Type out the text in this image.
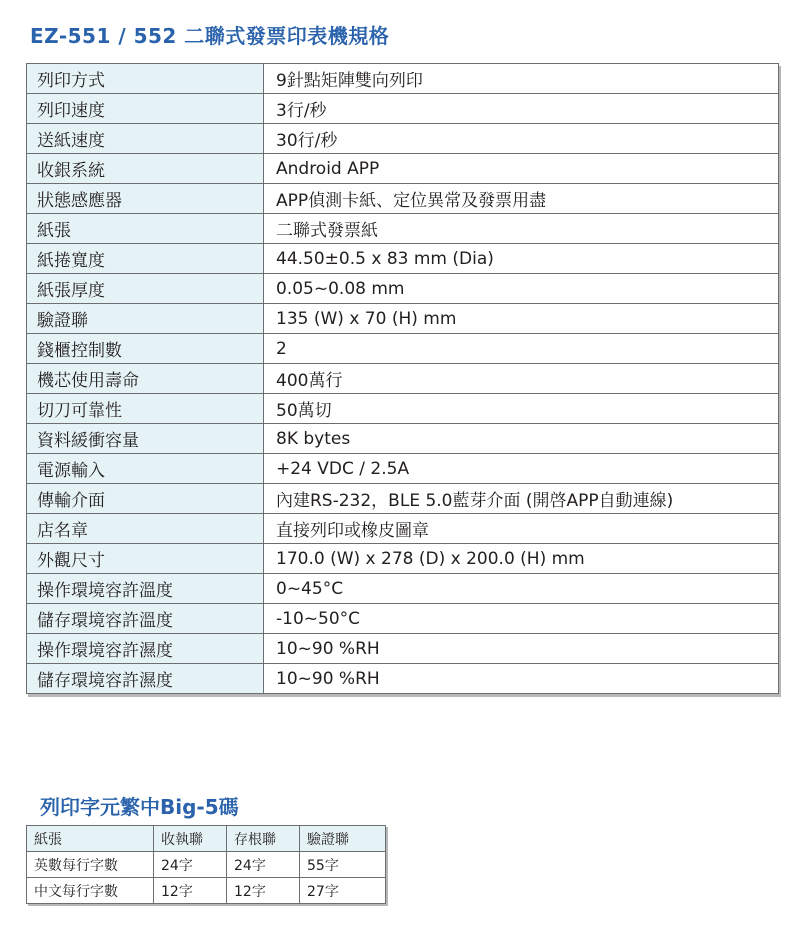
EZ-551 / 552 二聯式發票印表機規格
列印方式	9針點矩陣雙向列印
列印速度	3行/秒
送紙速度	30行/秒
收銀系統	Android APP
狀態感應器	APP偵測卡紙、定位異常及發票用盡
紙張	二聯式發票紙
紙捲寬度	44.50±0.5 x 83 mm (Dia)
紙張厚度	0.05~0.08 mm
驗證聯	135 (W) x 70 (H) mm
錢櫃控制數	2
機芯使用壽命	400萬行
切刀可靠性	50萬切
資料緩衝容量	8K bytes
電源輸入	+24 VDC / 2.5A
傳輸介面	內建RS-232，BLE 5.0藍芽介面 (開啓APP自動連線)
店名章	直接列印或橡皮圖章
外觀尺寸	170.0 (W) x 278 (D) x 200.0 (H) mm
操作環境容許溫度	0~45°C
儲存環境容許溫度	-10~50°C
操作環境容許濕度	10~90 %RH
儲存環境容許濕度	10~90 %RH
列印字元繁中Big-5碼
紙張	收執聯	存根聯	驗證聯
英數每行字數	24字	24字	55字
中文每行字數	12字	12字	27字
